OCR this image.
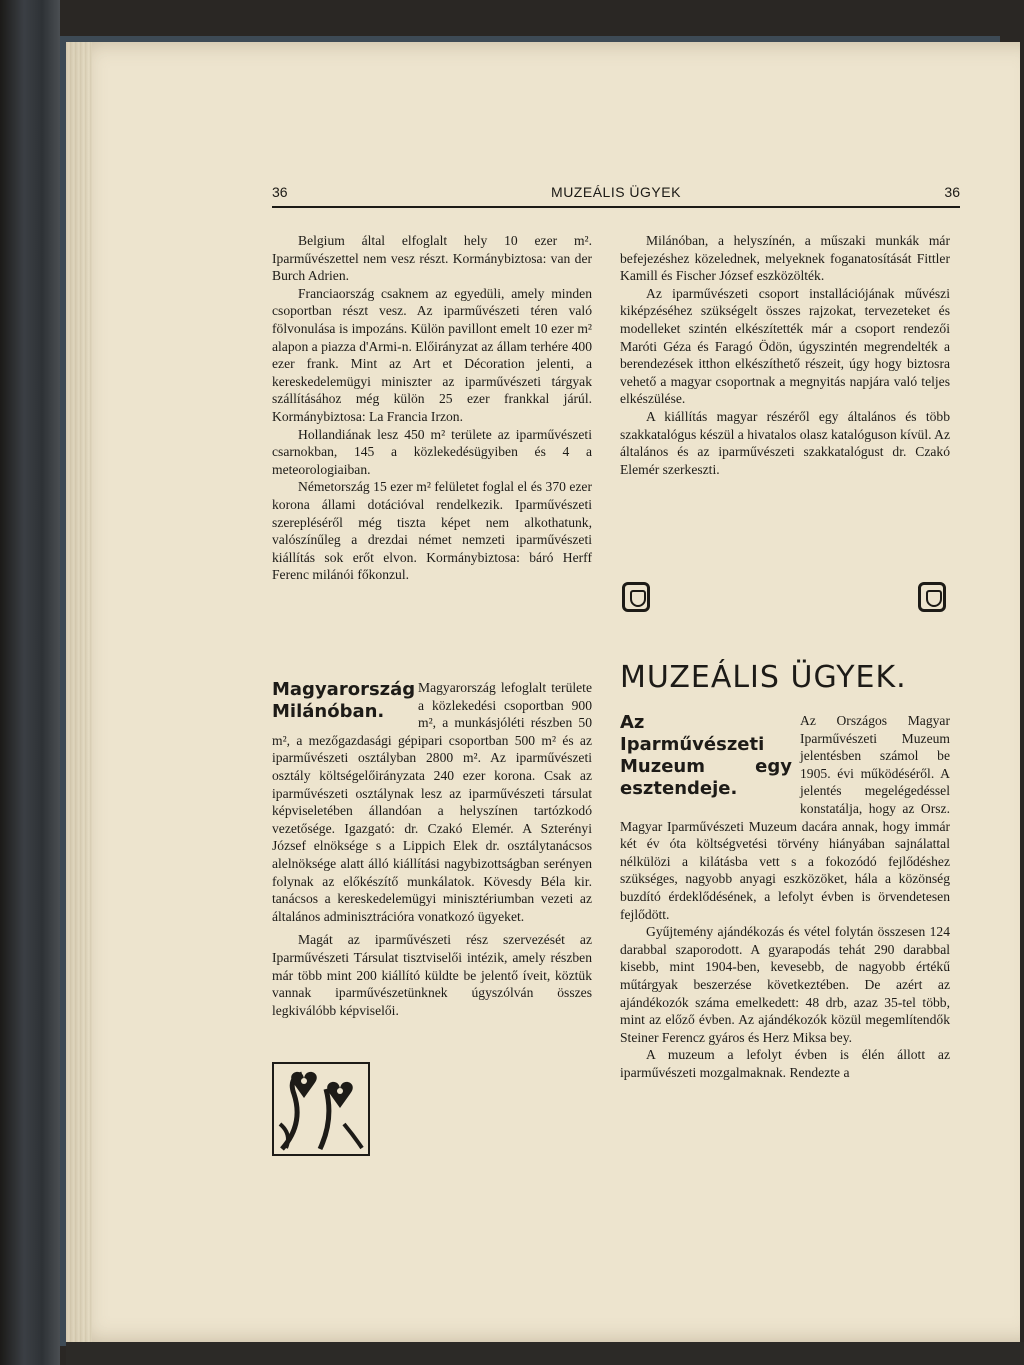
36	MUZEÁLIS ÜGYEK	36

Belgium által elfoglalt hely 10 ezer m². Iparművészettel nem vesz részt. Kormánybiztosa: van der Burch Adrien.

Franciaország csaknem az egyedüli, amely minden csoportban részt vesz. Az iparművészeti téren való fölvonulása is impozáns. Külön pavillont emelt 10 ezer m² alapon a piazza d'Armi-n. Előirányzat az állam terhére 400 ezer frank. Mint az Art et Décoration jelenti, a kereskedelemügyi miniszter az iparművészeti tárgyak szállításához még külön 25 ezer frankkal járúl. Kormánybiztosa: La Francia Irzon.

Hollandiának lesz 450 m² területe az iparművészeti csarnokban, 145 a közlekedésügyiben és 4 a meteorologiaiban.

Németország 15 ezer m² felületet foglal el és 370 ezer korona állami dotációval rendelkezik. Iparművészeti szerepléséről még tiszta képet nem alkothatunk, valószínűleg a drezdai német nemzeti iparművészeti kiállítás sok erőt elvon. Kormánybiztosa: báró Herff Ferenc milánói főkonzul.

Magyarország Milánóban.
Magyarország lefoglalt területe a közlekedési csoportban 900 m², a munkásjóléti részben 50 m², a mezőgazdasági gépipari csoportban 500 m² és az iparművészeti osztályban 2800 m². Az iparművészeti osztály költségelőirányzata 240 ezer korona. Csak az iparművészeti osztálynak lesz az iparművészeti társulat képviseletében állandóan a helyszínen tartózkodó vezetősége. Igazgató: dr. Czakó Elemér. A Szterényi József elnöksége s a Lippich Elek dr. osztálytanácsos alelnöksége alatt álló kiállítási nagybizottságban serényen folynak az előkészítő munkálatok. Kövesdy Béla kir. tanácsos a kereskedelemügyi minisztériumban vezeti az általános adminisztrációra vonatkozó ügyeket.
Magát az iparművészeti rész szervezését az Iparművészeti Társulat tisztviselői intézik, amely részben már több mint 200 kiállító küldte be jelentő íveit, köztük vannak iparművészetünknek úgyszólván összes legkiválóbb képviselői.

Milánóban, a helyszínén, a műszaki munkák már befejezéshez közelednek, melyeknek foganatosítását Fittler Kamill és Fischer József eszközölték.

Az iparművészeti csoport installációjának művészi kiképzéséhez szükségelt összes rajzokat, tervezeteket és modelleket szintén elkészítették már a csoport rendezői Maróti Géza és Faragó Ödön, úgyszintén megrendelték a berendezések itthon elkészíthető részeit, úgy hogy biztosra vehető a magyar csoportnak a megnyitás napjára való teljes elkészülése.

A kiállítás magyar részéről egy általános és több szakkatalógus készül a hivatalos olasz katalóguson kívül. Az általános és az iparművészeti szakkatalógust dr. Czakó Elemér szerkeszti.

MUZEÁLIS ÜGYEK.
Az Iparművészeti Muzeum egy esztendeje.
Az Országos Magyar Iparművészeti Muzeum jelentésben számol be 1905. évi működéséről. A jelentés megelégedéssel konstatálja, hogy az Orsz. Magyar Iparművészeti Muzeum dacára annak, hogy immár két év óta költségvetési törvény hiányában sajnálattal nélkülözi a kilátásba vett s a fokozódó fejlődéshez szükséges, nagyobb anyagi eszközöket, hála a közönség buzdító érdeklődésének, a lefolyt évben is örvendetesen fejlődött.

Gyűjtemény ajándékozás és vétel folytán összesen 124 darabbal szaporodott. A gyarapodás tehát 290 darabbal kisebb, mint 1904-ben, kevesebb, de nagyobb értékű műtárgyak beszerzése következtében. De azért az ajándékozók száma emelkedett: 48 drb, azaz 35-tel több, mint az előző évben. Az ajándékozók közül megemlítendők Steiner Ferencz gyáros és Herz Miksa bey.

A muzeum a lefolyt évben is élén állott az iparművészeti mozgalmaknak. Rendezte a
